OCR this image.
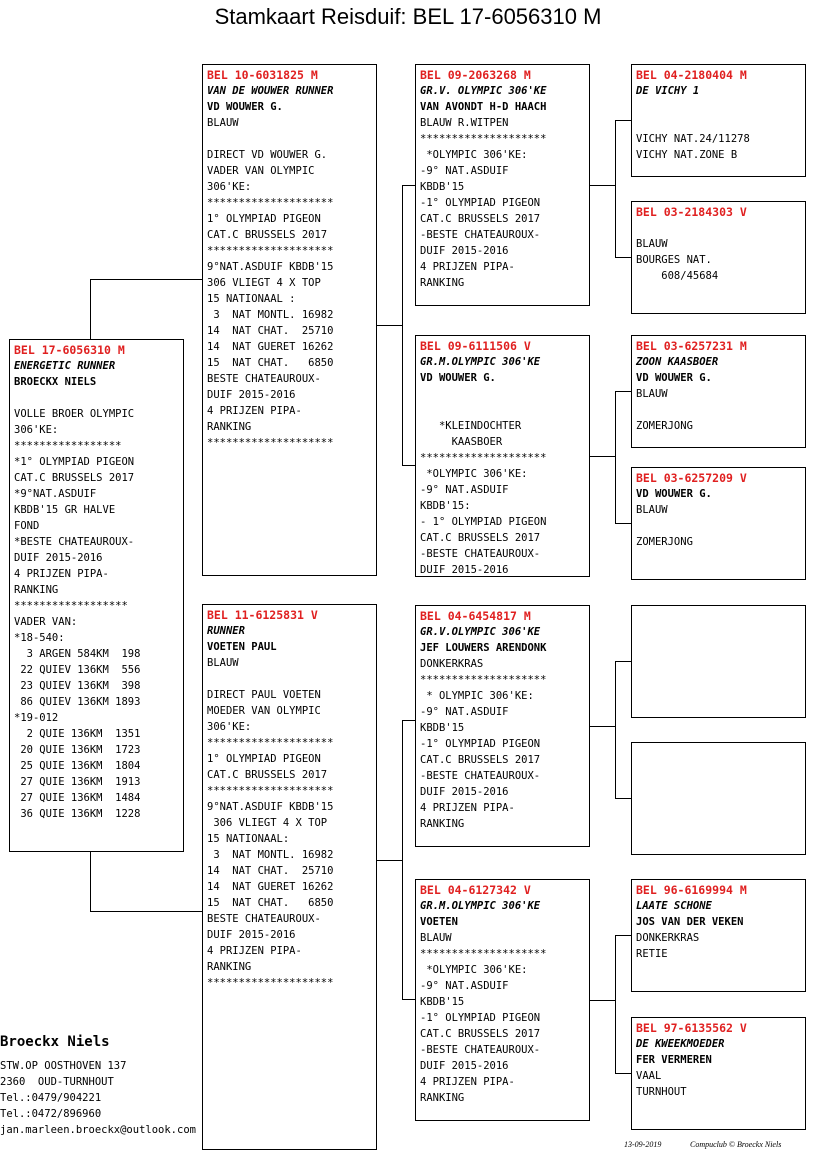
Stamkaart Reisduif: BEL 17-6056310 M
BEL 17-6056310 M
ENERGETIC RUNNER
BROECKX NIELS
VOLLE BROER OLYMPIC
306'KE:
*****************
*1° OLYMPIAD PIGEON
CAT.C BRUSSELS 2017
*9°NAT.ASDUIF
KBDB'15 GR HALVE
FOND
*BESTE CHATEAUROUX-
DUIF 2015-2016
4 PRIJZEN PIPA-
RANKING
******************
VADER VAN:
*18-540:
3 ARGEN 584KM  198
22 QUIEV 136KM  556
23 QUIEV 136KM  398
86 QUIEV 136KM 1893
*19-012
2 QUIE 136KM  1351
20 QUIE 136KM  1723
25 QUIE 136KM  1804
27 QUIE 136KM  1913
27 QUIE 136KM  1484
36 QUIE 136KM  1228
BEL 10-6031825 M
VAN DE WOUWER RUNNER
VD WOUWER G.
BLAUW
DIRECT VD WOUWER G.
VADER VAN OLYMPIC
306'KE:
********************
1° OLYMPIAD PIGEON
CAT.C BRUSSELS 2017
********************
9°NAT.ASDUIF KBDB'15
306 VLIEGT 4 X TOP
15 NATIONAAL :
3  NAT MONTL. 16982
14  NAT CHAT.  25710
14  NAT GUERET 16262
15  NAT CHAT.   6850
BESTE CHATEAUROUX-
DUIF 2015-2016
4 PRIJZEN PIPA-
RANKING
********************
BEL 11-6125831 V
RUNNER
VOETEN PAUL
BLAUW
DIRECT PAUL VOETEN
MOEDER VAN OLYMPIC
306'KE:
********************
1° OLYMPIAD PIGEON
CAT.C BRUSSELS 2017
********************
9°NAT.ASDUIF KBDB'15
306 VLIEGT 4 X TOP
15 NATIONAAL:
3  NAT MONTL. 16982
14  NAT CHAT.  25710
14  NAT GUERET 16262
15  NAT CHAT.   6850
BESTE CHATEAUROUX-
DUIF 2015-2016
4 PRIJZEN PIPA-
RANKING
********************
BEL 09-2063268 M
GR.V. OLYMPIC 306'KE
VAN AVONDT H-D HAACH
BLAUW R.WITPEN
********************
*OLYMPIC 306'KE:
-9° NAT.ASDUIF
KBDB'15
-1° OLYMPIAD PIGEON
CAT.C BRUSSELS 2017
-BESTE CHATEAUROUX-
DUIF 2015-2016
4 PRIJZEN PIPA-
RANKING
BEL 09-6111506 V
GR.M.OLYMPIC 306'KE
VD WOUWER G.
*KLEINDOCHTER
KAASBOER
********************
*OLYMPIC 306'KE:
-9° NAT.ASDUIF
KBDB'15:
- 1° OLYMPIAD PIGEON
CAT.C BRUSSELS 2017
-BESTE CHATEAUROUX-
DUIF 2015-2016
BEL 04-6454817 M
GR.V.OLYMPIC 306'KE
JEF LOUWERS ARENDONK
DONKERKRAS
********************
* OLYMPIC 306'KE:
-9° NAT.ASDUIF
KBDB'15
-1° OLYMPIAD PIGEON
CAT.C BRUSSELS 2017
-BESTE CHATEAUROUX-
DUIF 2015-2016
4 PRIJZEN PIPA-
RANKING
BEL 04-6127342 V
GR.M.OLYMPIC 306'KE
VOETEN
BLAUW
********************
*OLYMPIC 306'KE:
-9° NAT.ASDUIF
KBDB'15
-1° OLYMPIAD PIGEON
CAT.C BRUSSELS 2017
-BESTE CHATEAUROUX-
DUIF 2015-2016
4 PRIJZEN PIPA-
RANKING
BEL 04-2180404 M
DE VICHY 1
VICHY NAT.24/11278
VICHY NAT.ZONE B
BEL 03-2184303 V
BLAUW
BOURGES NAT.
608/45684
BEL 03-6257231 M
ZOON KAASBOER
VD WOUWER G.
BLAUW
ZOMERJONG
BEL 03-6257209 V
VD WOUWER G.
BLAUW
ZOMERJONG
BEL 96-6169994 M
LAATE SCHONE
JOS VAN DER VEKEN
DONKERKRAS
RETIE
BEL 97-6135562 V
DE KWEEKMOEDER
FER VERMEREN
VAAL
TURNHOUT
Broeckx Niels
STW.OP OOSTHOVEN 137
2360  OUD-TURNHOUT
Tel.:0479/904221
Tel.:0472/896960
jan.marleen.broeckx@outlook.com
13-09-2019	Compuclub © Broeckx Niels
